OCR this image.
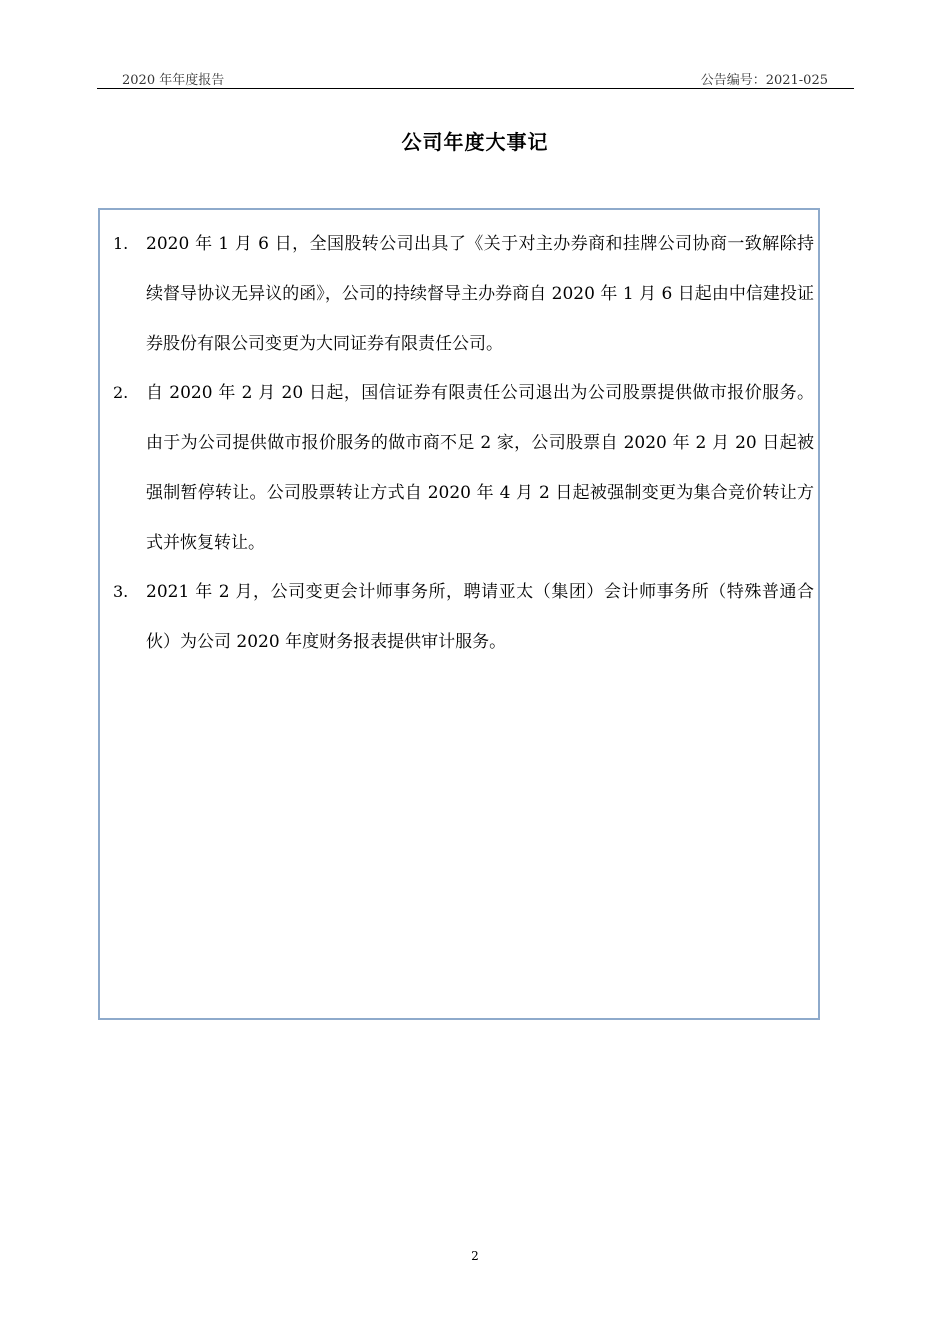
2020 年年度报告	公告编号：2021-025
公司年度大事记
1. 2020 年 1 月 6 日，全国股转公司出具了《关于对主办券商和挂牌公司协商一致解除持续督导协议无异议的函》，公司的持续督导主办券商自 2020 年 1 月 6 日起由中信建投证券股份有限公司变更为大同证券有限责任公司。
2. 自 2020 年 2 月 20 日起，国信证券有限责任公司退出为公司股票提供做市报价服务。由于为公司提供做市报价服务的做市商不足 2 家，公司股票自 2020 年 2 月 20 日起被强制暂停转让。公司股票转让方式自 2020 年 4 月 2 日起被强制变更为集合竞价转让方式并恢复转让。
3. 2021 年 2 月，公司变更会计师事务所，聘请亚太（集团）会计师事务所（特殊普通合伙）为公司 2020 年度财务报表提供审计服务。
2
